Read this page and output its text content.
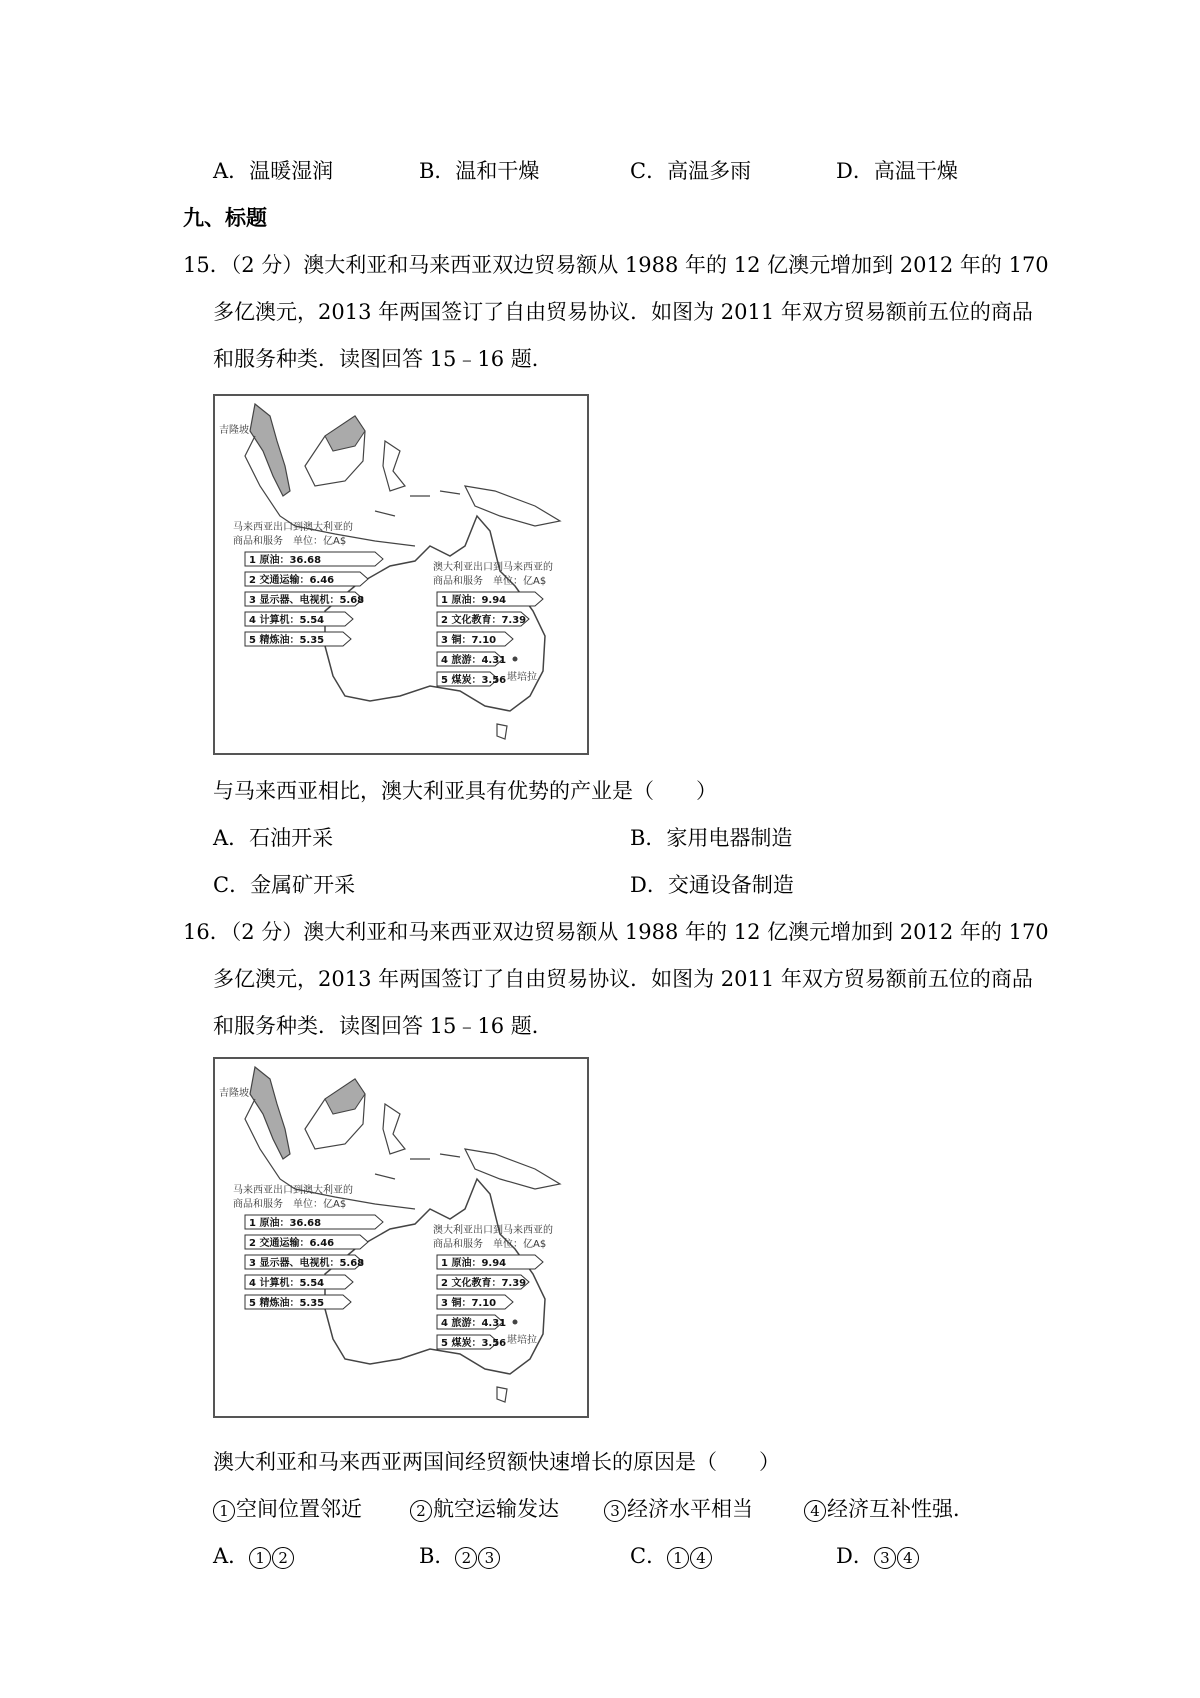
A．温暖湿润	B．温和干燥	C．高温多雨	D．高温干燥
九、标题
15．（2 分）澳大利亚和马来西亚双边贸易额从 1988 年的 12 亿澳元增加到 2012 年的 170
多亿澳元，2013 年两国签订了自由贸易协议．如图为 2011 年双方贸易额前五位的商品
和服务种类．读图回答 15﹣16 题．
吉隆坡
堪培拉
马来西亚出口到澳大利亚的
商品和服务　单位：亿A$
1 原油：36.68
2 交通运输：6.46
3 显示器、电视机：5.68
4 计算机：5.54
5 精炼油：5.35
澳大利亚出口到马来西亚的
商品和服务　单位：亿A$
1 原油：9.94
2 文化教育：7.39
3 铜：7.10
4 旅游：4.31
5 煤炭：3.56
与马来西亚相比，澳大利亚具有优势的产业是（　　）
A．石油开采	B．家用电器制造
C．金属矿开采	D．交通设备制造
16．（2 分）澳大利亚和马来西亚双边贸易额从 1988 年的 12 亿澳元增加到 2012 年的 170
多亿澳元，2013 年两国签订了自由贸易协议．如图为 2011 年双方贸易额前五位的商品
和服务种类．读图回答 15﹣16 题．
吉隆坡
堪培拉
马来西亚出口到澳大利亚的
商品和服务　单位：亿A$
1 原油：36.68
2 交通运输：6.46
3 显示器、电视机：5.68
4 计算机：5.54
5 精炼油：5.35
澳大利亚出口到马来西亚的
商品和服务　单位：亿A$
1 原油：9.94
2 文化教育：7.39
3 铜：7.10
4 旅游：4.31
5 煤炭：3.56
澳大利亚和马来西亚两国间经贸额快速增长的原因是（　　）
1 空间位置邻近	2 航空运输发达	3 经济水平相当	4 经济互补性强．
A． 1 2	B． 2 3	C． 1 4	D． 3 4
